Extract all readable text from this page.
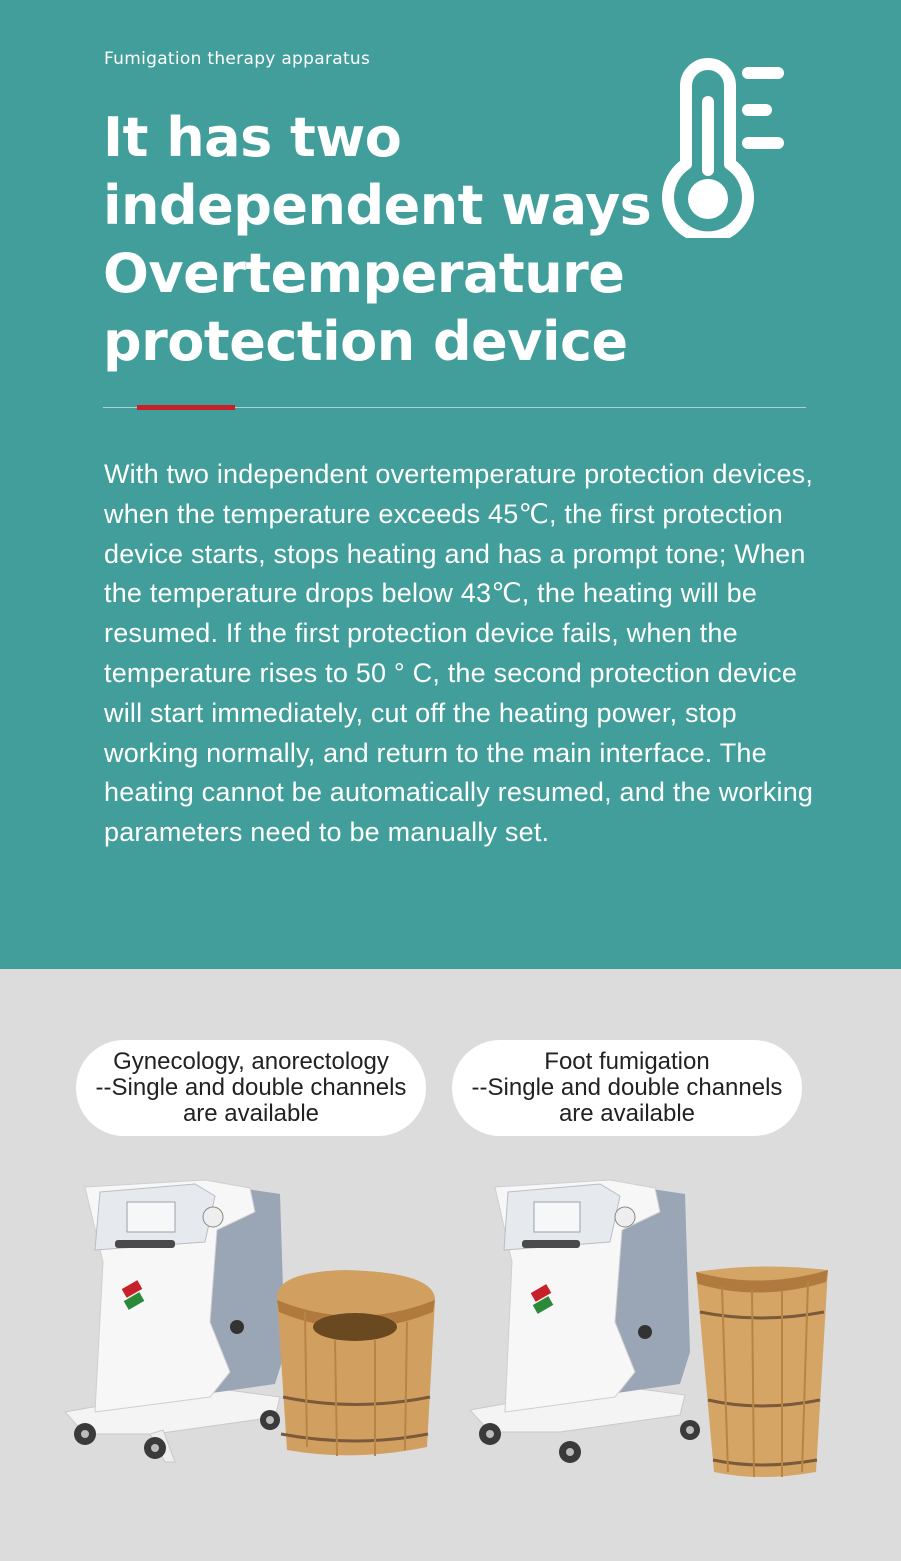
Fumigation therapy apparatus
It has two independent ways Overtemperature protection device
With two independent overtemperature protection devices, when the temperature exceeds 45℃, the first protection device starts, stops heating and has a prompt tone; When the temperature drops below 43℃, the heating will be resumed. If the first protection device fails, when the temperature rises to 50 ° C, the second protection device will start immediately, cut off the heating power, stop working normally, and return to the main interface. The heating cannot be automatically resumed, and the working parameters need to be manually set.
Gynecology, anorectology
--Single and double channels
are available
Foot fumigation
--Single and double channels
are available
